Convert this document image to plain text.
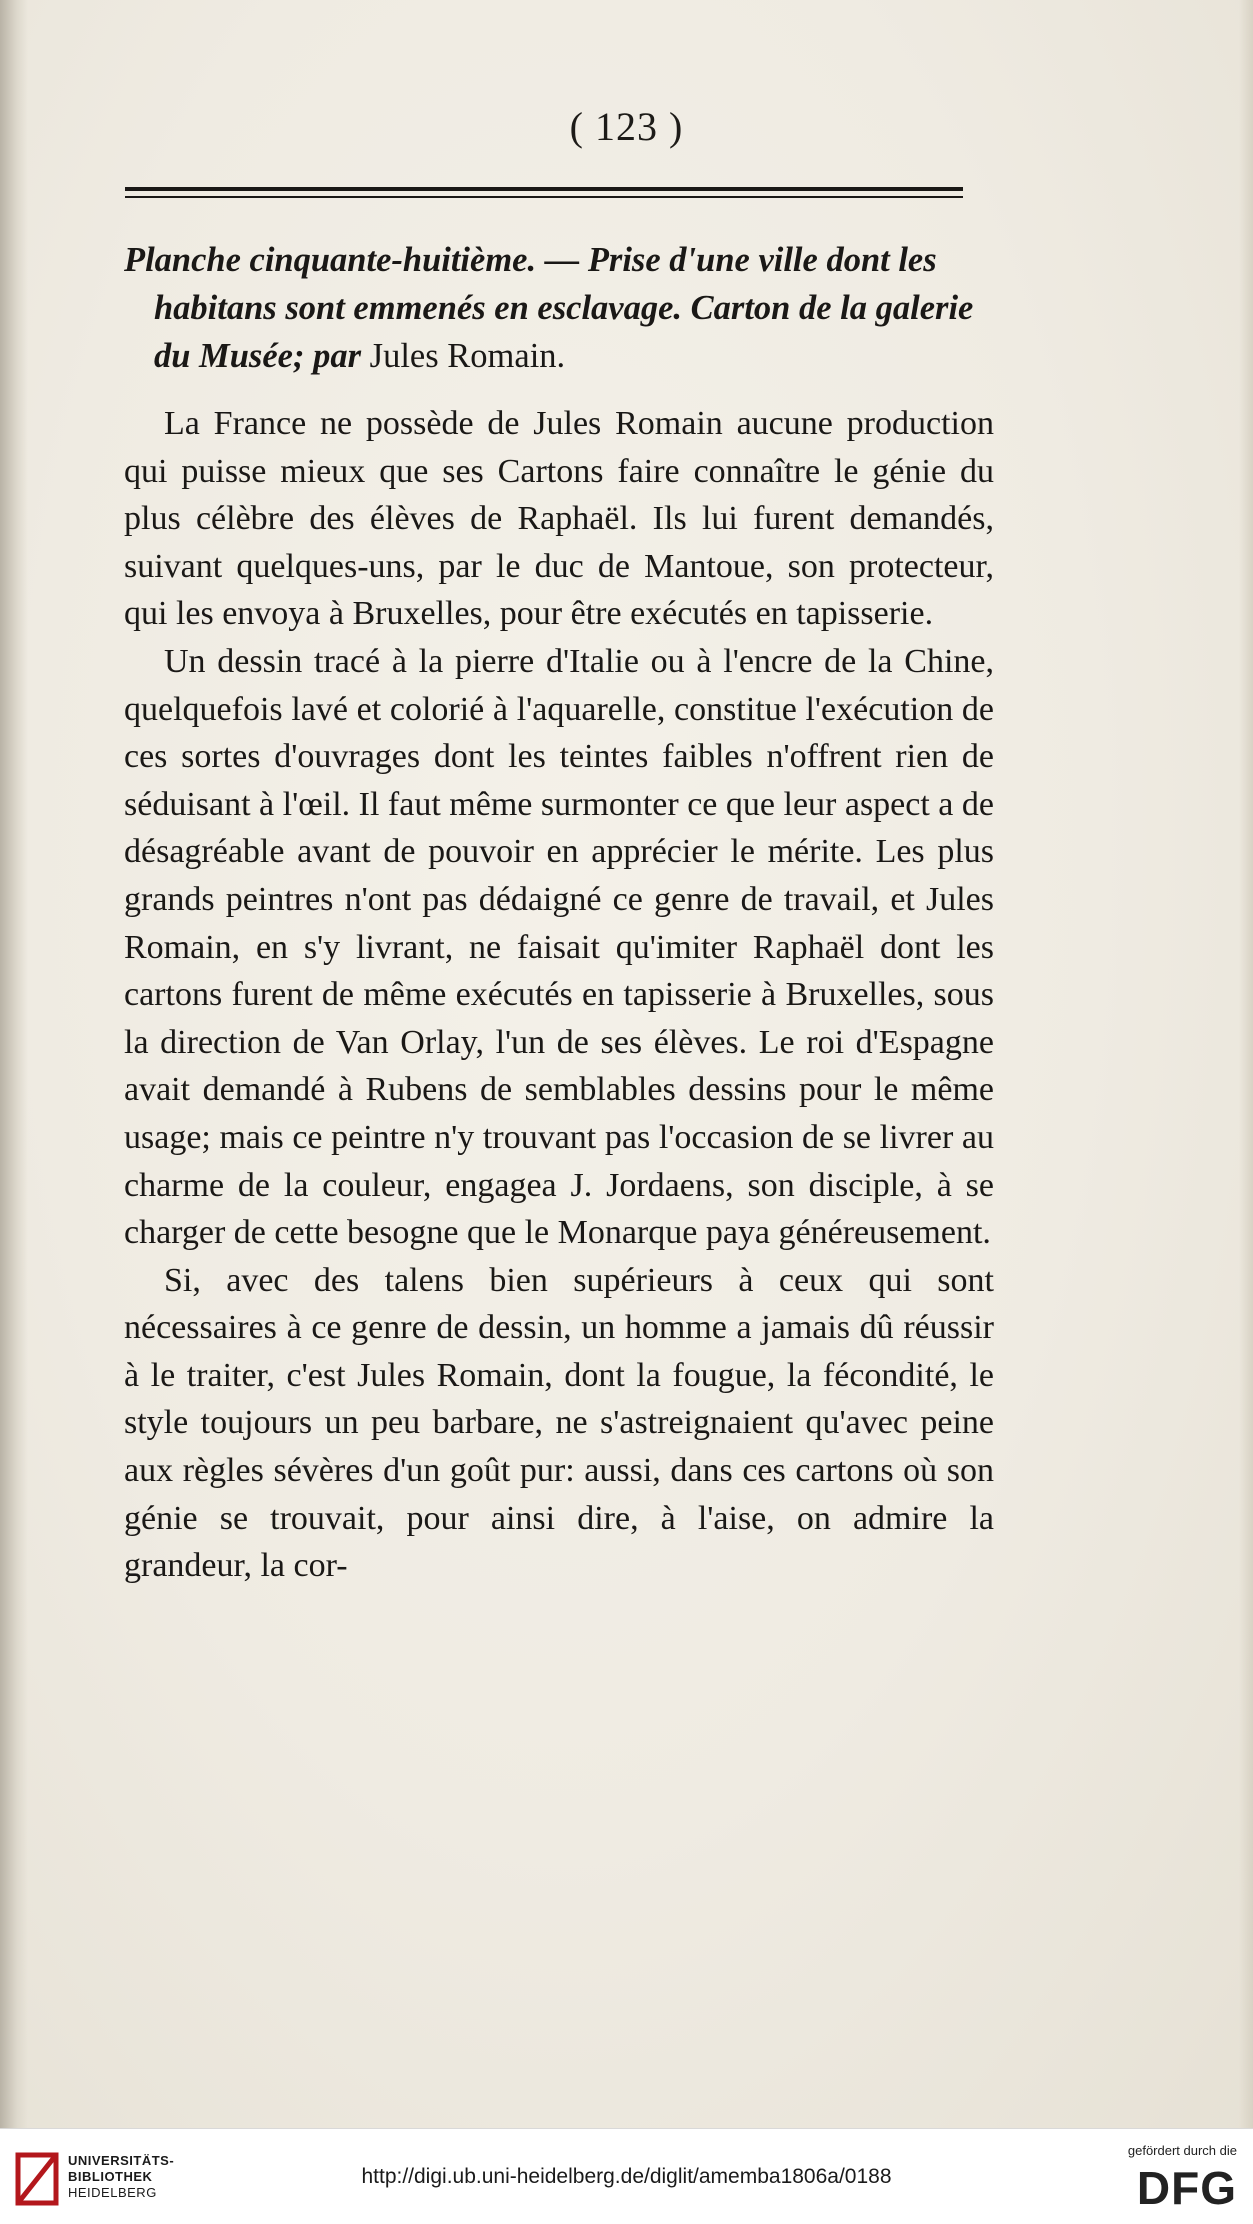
( 123 )
Planche cinquante-huitième. — Prise d'une ville dont les
habitans sont emmenés en esclavage. Carton de la galerie
du Musée; par Jules Romain.

La France ne possède de Jules Romain aucune production qui puisse mieux que ses Cartons faire connaître le génie du plus célèbre des élèves de Raphaël. Ils lui furent demandés, suivant quelques-uns, par le duc de Mantoue, son protecteur, qui les envoya à Bruxelles, pour être exécutés en tapisserie.

Un dessin tracé à la pierre d'Italie ou à l'encre de la Chine, quelquefois lavé et colorié à l'aquarelle, constitue l'exécution de ces sortes d'ouvrages dont les teintes faibles n'offrent rien de séduisant à l'œil. Il faut même surmonter ce que leur aspect a de désagréable avant de pouvoir en apprécier le mérite. Les plus grands peintres n'ont pas dédaigné ce genre de travail, et Jules Romain, en s'y livrant, ne faisait qu'imiter Raphaël dont les cartons furent de même exécutés en tapisserie à Bruxelles, sous la direction de Van Orlay, l'un de ses élèves. Le roi d'Espagne avait demandé à Rubens de semblables dessins pour le même usage; mais ce peintre n'y trouvant pas l'occasion de se livrer au charme de la couleur, engagea J. Jordaens, son disciple, à se charger de cette besogne que le Monarque paya généreusement.

Si, avec des talens bien supérieurs à ceux qui sont nécessaires à ce genre de dessin, un homme a jamais dû réussir à le traiter, c'est Jules Romain, dont la fougue, la fécondité, le style toujours un peu barbare, ne s'astreignaient qu'avec peine aux règles sévères d'un goût pur: aussi, dans ces cartons où son génie se trouvait, pour ainsi dire, à l'aise, on admire la grandeur, la cor-

UNIVERSITÄTS-
BIBLIOTHEK
HEIDELBERG
http://digi.ub.uni-heidelberg.de/diglit/amemba1806a/0188
gefördert durch die
DFG
